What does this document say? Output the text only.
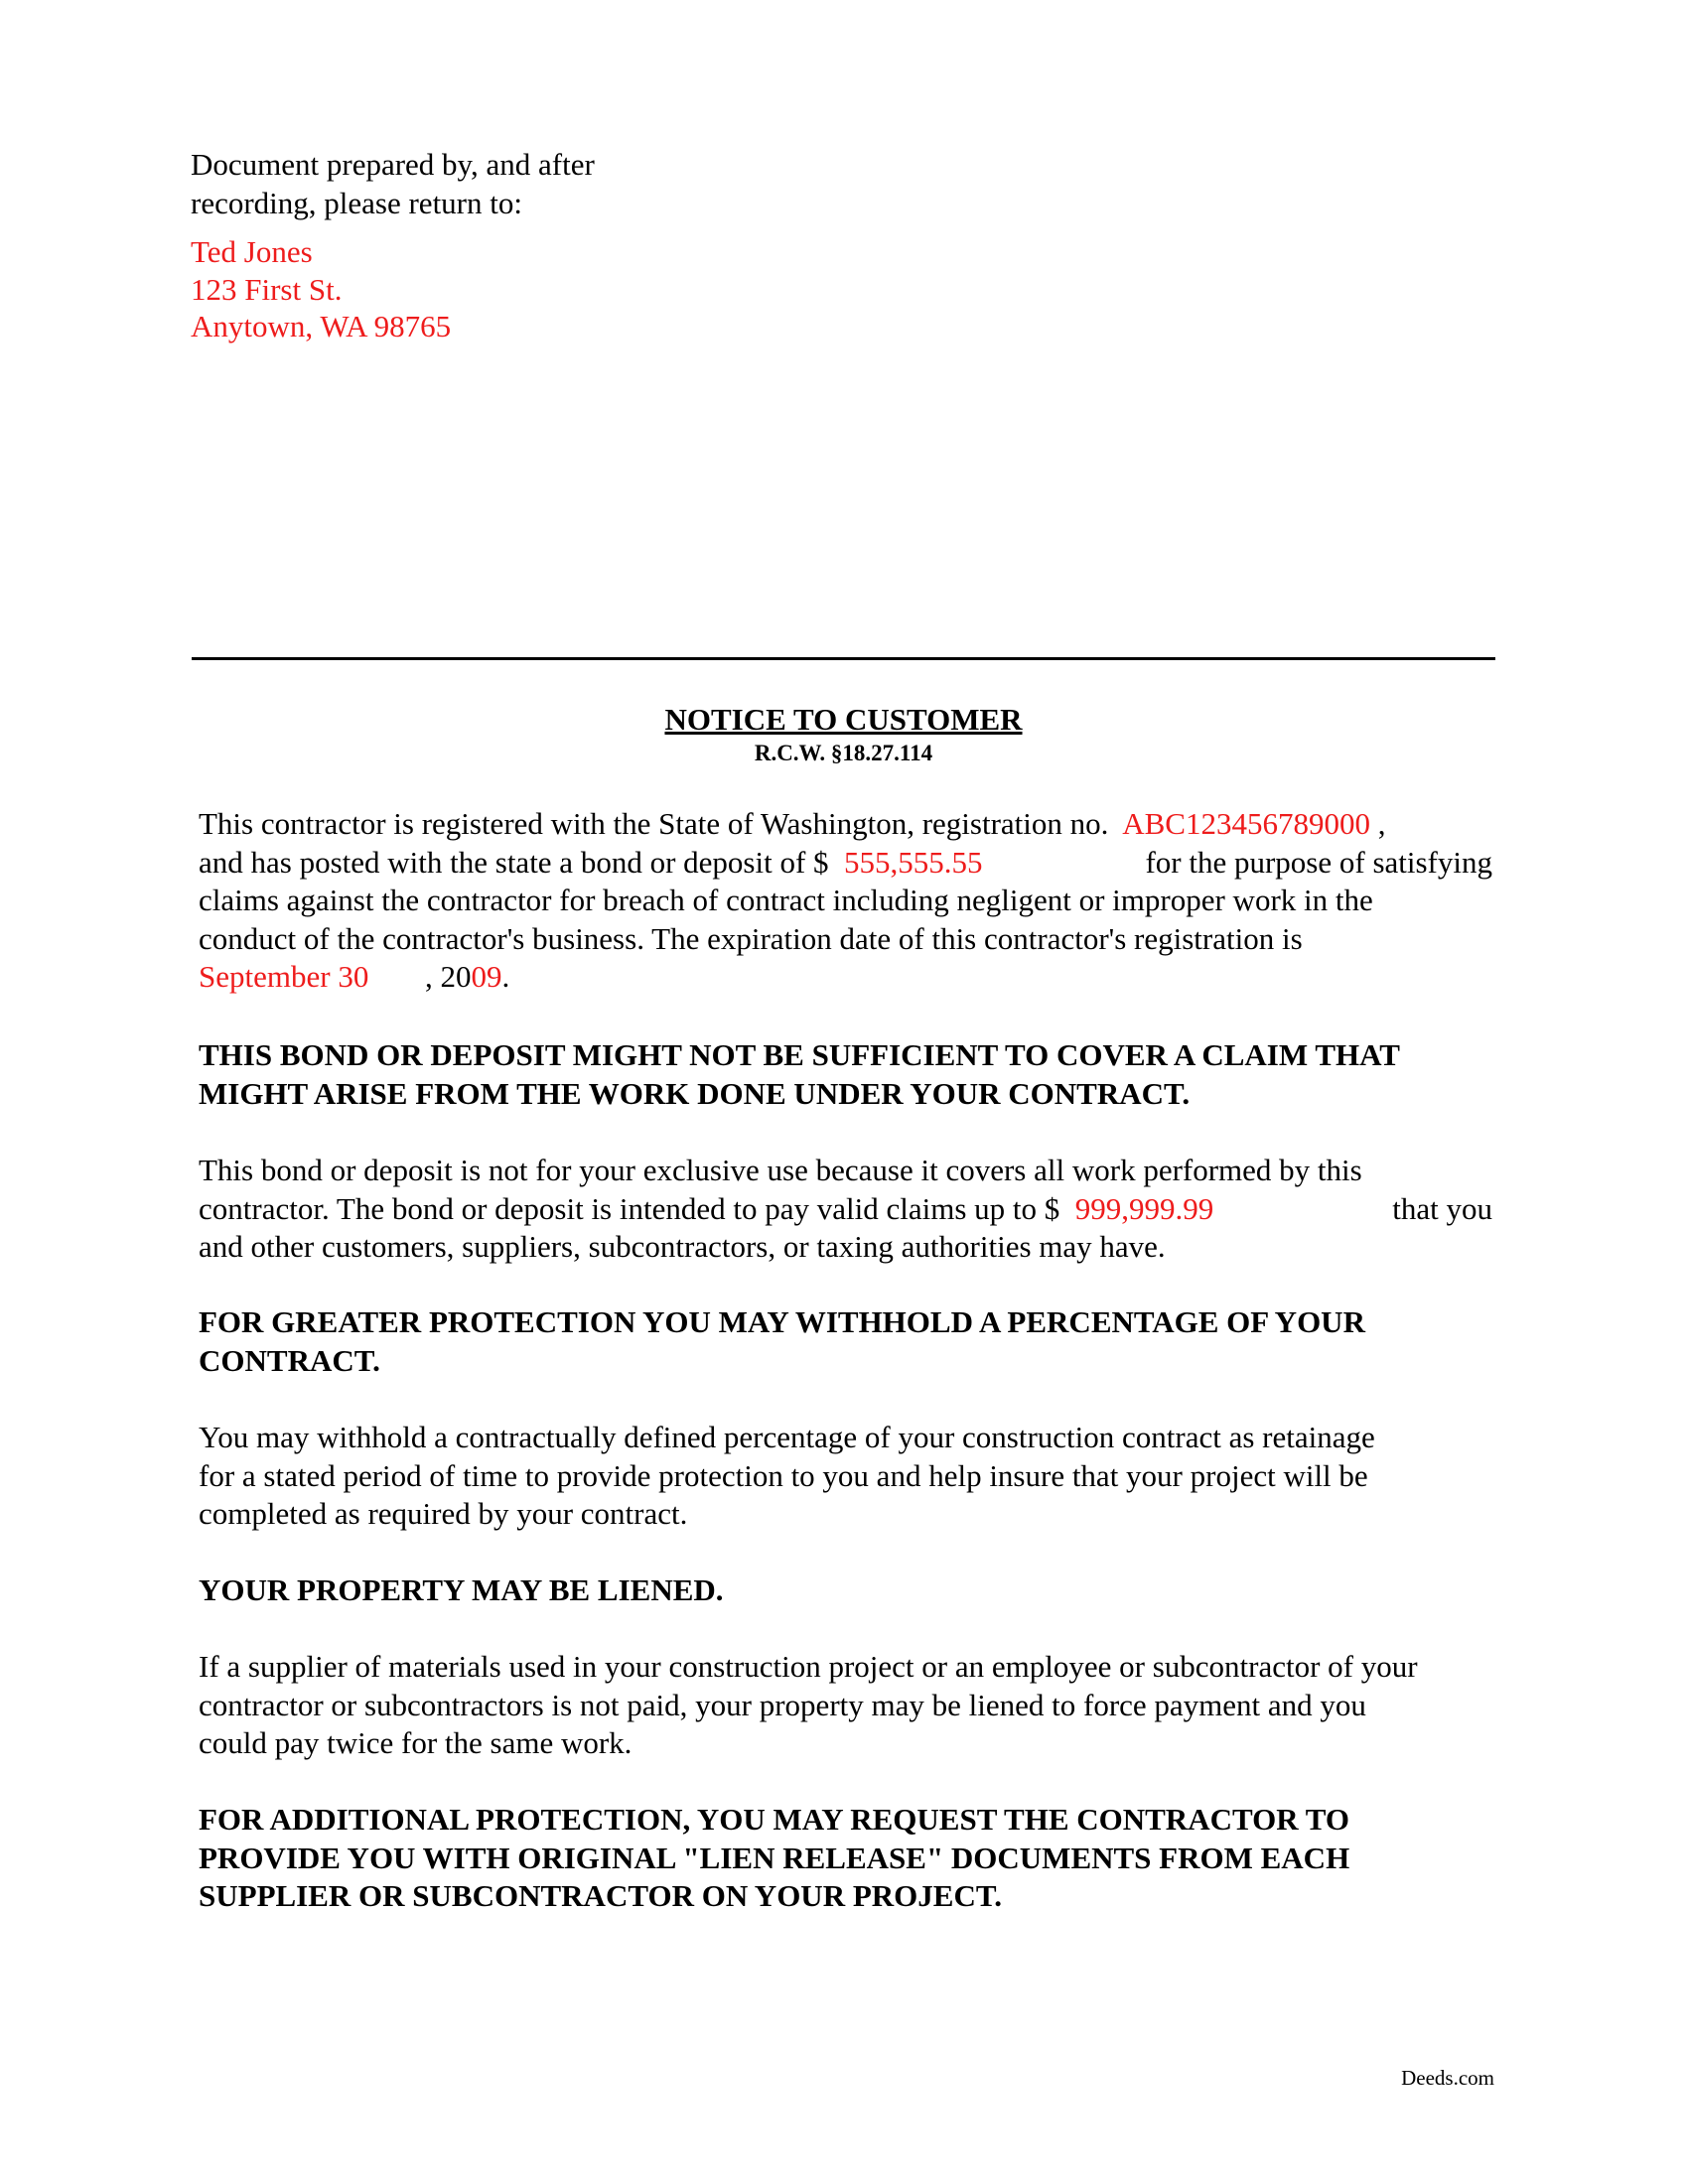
Document prepared by, and after
recording, please return to:
Ted Jones
123 First St.
Anytown, WA 98765
NOTICE TO CUSTOMER
R.C.W. §18.27.114
This contractor is registered with the State of Washington, registration no. ABC123456789000 ,
and has posted with the state a bond or deposit of $ 555,555.55	for the purpose of satisfying
claims against the contractor for breach of contract including negligent or improper work in the
conduct of the contractor's business. The expiration date of this contractor's registration is
September 30 , 2009.
THIS BOND OR DEPOSIT MIGHT NOT BE SUFFICIENT TO COVER A CLAIM THAT
MIGHT ARISE FROM THE WORK DONE UNDER YOUR CONTRACT.
This bond or deposit is not for your exclusive use because it covers all work performed by this
contractor. The bond or deposit is intended to pay valid claims up to $ 999,999.99	that you
and other customers, suppliers, subcontractors, or taxing authorities may have.
FOR GREATER PROTECTION YOU MAY WITHHOLD A PERCENTAGE OF YOUR
CONTRACT.
You may withhold a contractually defined percentage of your construction contract as retainage
for a stated period of time to provide protection to you and help insure that your project will be
completed as required by your contract.
YOUR PROPERTY MAY BE LIENED.
If a supplier of materials used in your construction project or an employee or subcontractor of your
contractor or subcontractors is not paid, your property may be liened to force payment and you
could pay twice for the same work.
FOR ADDITIONAL PROTECTION, YOU MAY REQUEST THE CONTRACTOR TO
PROVIDE YOU WITH ORIGINAL "LIEN RELEASE" DOCUMENTS FROM EACH
SUPPLIER OR SUBCONTRACTOR ON YOUR PROJECT.
Deeds.com
